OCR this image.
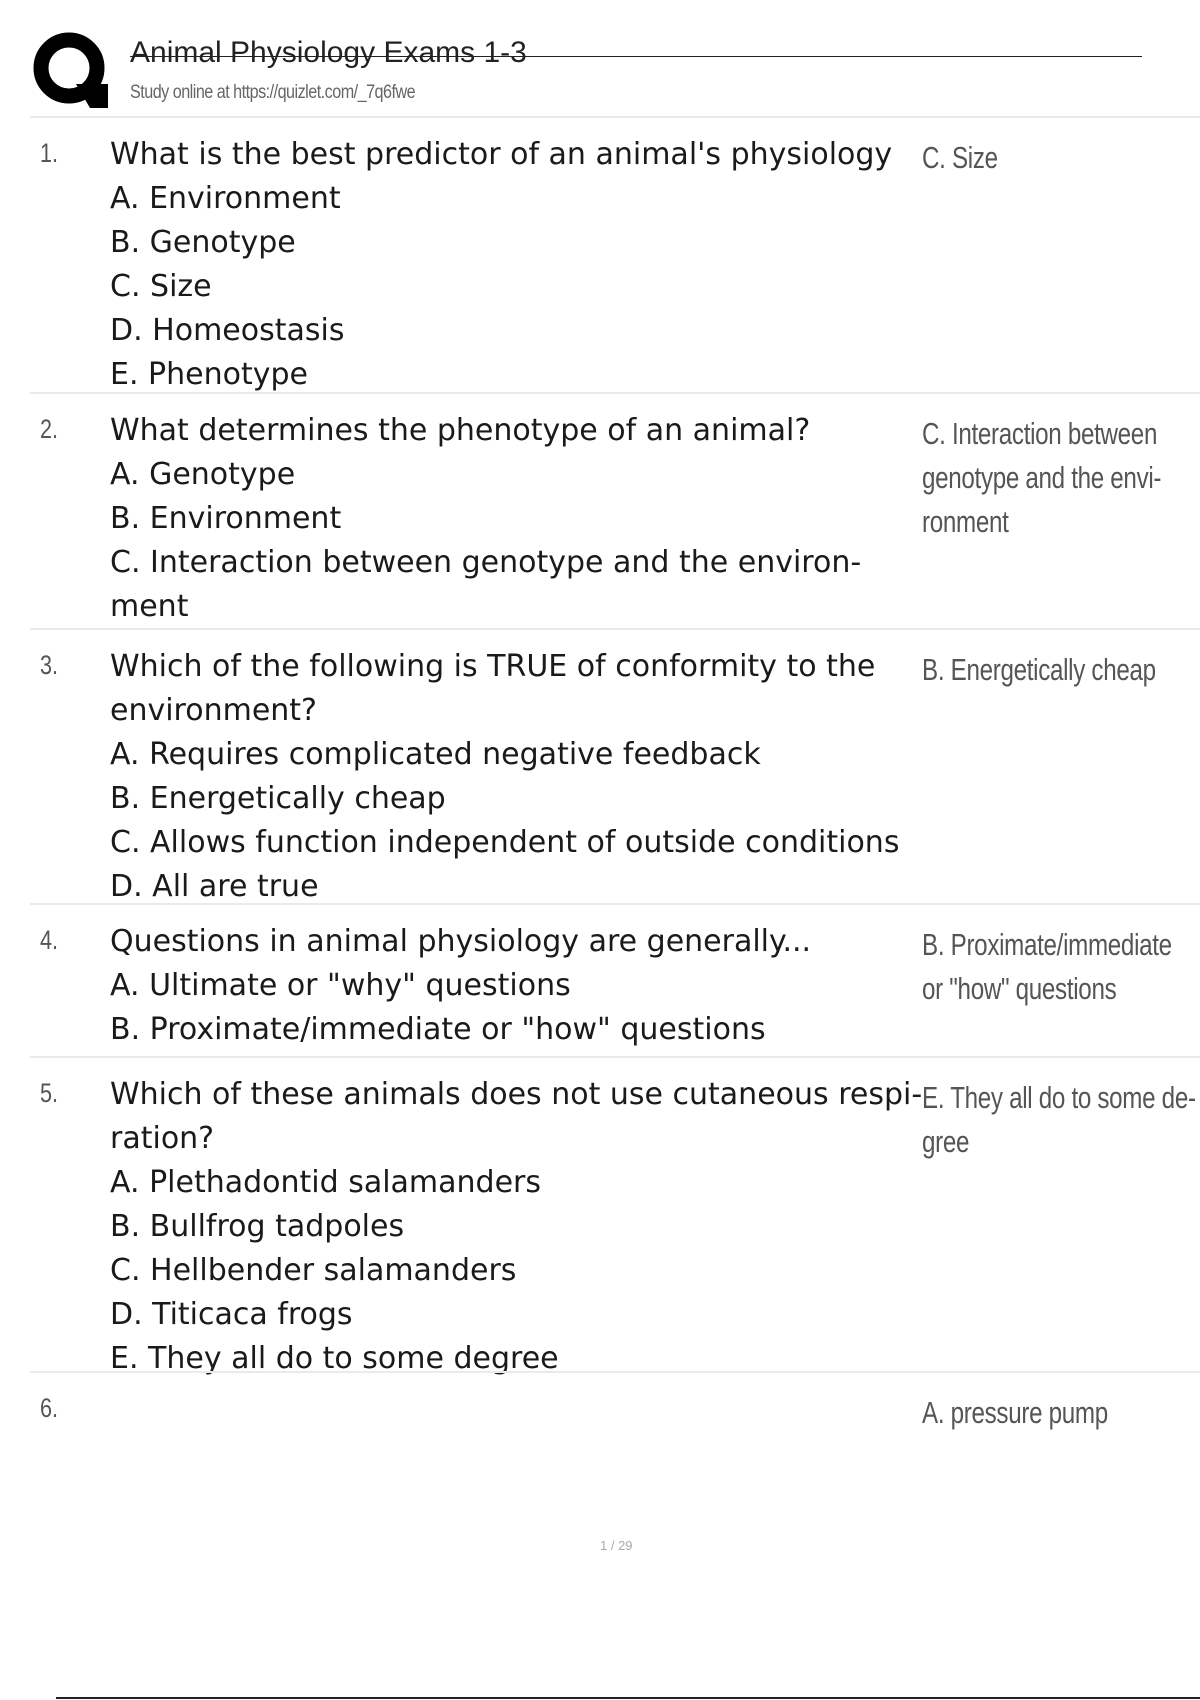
Animal Physiology Exams 1-3
Study online at https://quizlet.com/_7q6fwe
1. What is the best predictor of an animal's physiology
A. Environment
B. Genotype
C. Size
D. Homeostasis
E. Phenotype
C. Size
2. What determines the phenotype of an animal?
A. Genotype
B. Environment
C. Interaction between genotype and the environ-
ment
C. Interaction between
genotype and the envi-
ronment
3. Which of the following is TRUE of conformity to the
environment?
A. Requires complicated negative feedback
B. Energetically cheap
C. Allows function independent of outside conditions
D. All are true
B. Energetically cheap
4. Questions in animal physiology are generally...
A. Ultimate or "why" questions
B. Proximate/immediate or "how" questions
B. Proximate/immediate
or "how" questions
5. Which of these animals does not use cutaneous respi-
ration?
A. Plethadontid salamanders
B. Bullfrog tadpoles
C. Hellbender salamanders
D. Titicaca frogs
E. They all do to some degree
E. They all do to some de-
gree
6.	A. pressure pump
1 / 29
